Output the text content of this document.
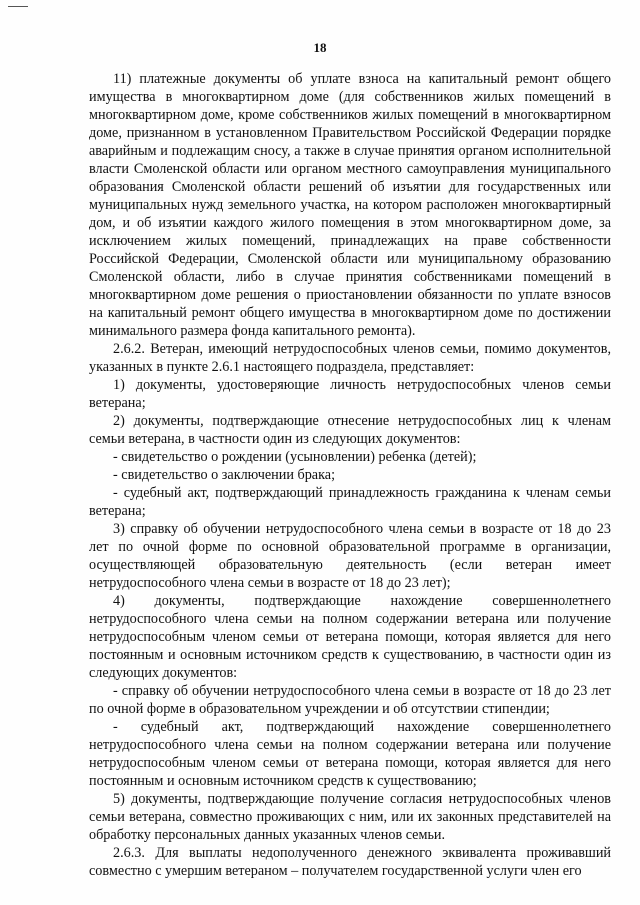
18

11) платежные документы об уплате взноса на капитальный ремонт общего имущества в многоквартирном доме (для собственников жилых помещений в многоквартирном доме, кроме собственников жилых помещений в многоквартирном доме, признанном в установленном Правительством Российской Федерации порядке аварийным и подлежащим сносу, а также в случае принятия органом исполнительной власти Смоленской области или органом местного самоуправления муниципального образования Смоленской области решений об изъятии для государственных или муниципальных нужд земельного участка, на котором расположен многоквартирный дом, и об изъятии каждого жилого помещения в этом многоквартирном доме, за исключением жилых помещений, принадлежащих на праве собственности Российской Федерации, Смоленской области или муниципальному образованию Смоленской области, либо в случае принятия собственниками помещений в многоквартирном доме решения о приостановлении обязанности по уплате взносов на капитальный ремонт общего имущества в многоквартирном доме по достижении минимального размера фонда капитального ремонта).

2.6.2. Ветеран, имеющий нетрудоспособных членов семьи, помимо документов, указанных в пункте 2.6.1 настоящего подраздела, представляет:

1) документы, удостоверяющие личность нетрудоспособных членов семьи ветерана;

2) документы, подтверждающие отнесение нетрудоспособных лиц к членам семьи ветерана, в частности один из следующих документов:

- свидетельство о рождении (усыновлении) ребенка (детей);

- свидетельство о заключении брака;

- судебный акт, подтверждающий принадлежность гражданина к членам семьи ветерана;

3) справку об обучении нетрудоспособного члена семьи в возрасте от 18 до 23 лет по очной форме по основной образовательной программе в организации, осуществляющей образовательную деятельность (если ветеран имеет нетрудоспособного члена семьи в возрасте от 18 до 23 лет);

4) документы, подтверждающие нахождение совершеннолетнего нетрудоспособного члена семьи на полном содержании ветерана или получение нетрудоспособным членом семьи от ветерана помощи, которая является для него постоянным и основным источником средств к существованию, в частности один из следующих документов:

- справку об обучении нетрудоспособного члена семьи в возрасте от 18 до 23 лет по очной форме в образовательном учреждении и об отсутствии стипендии;

- судебный акт, подтверждающий нахождение совершеннолетнего нетрудоспособного члена семьи на полном содержании ветерана или получение нетрудоспособным членом семьи от ветерана помощи, которая является для него постоянным и основным источником средств к существованию;

5) документы, подтверждающие получение согласия нетрудоспособных членов семьи ветерана, совместно проживающих с ним, или их законных представителей на обработку персональных данных указанных членов семьи.

2.6.3. Для выплаты недополученного денежного эквивалента проживавший совместно с умершим ветераном – получателем государственной услуги член его
